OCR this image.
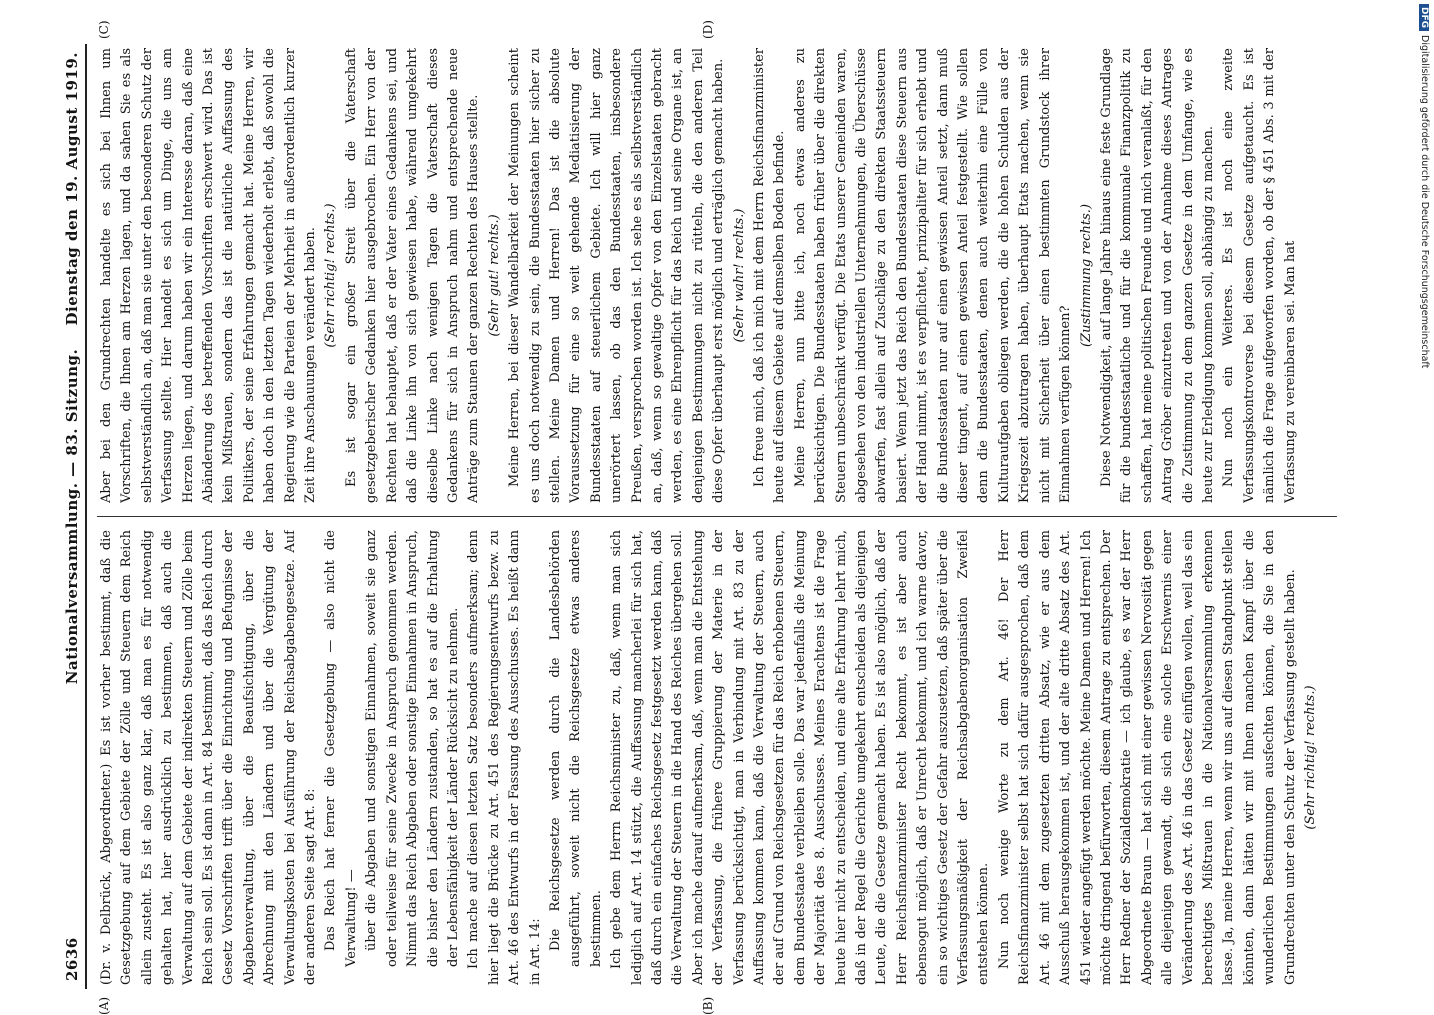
2636
Nationalversammlung. — 83. Sitzung.
Dienstag den 19. August 1919.
(A)	(B)
(C)	(D)

(Dr. v. Delbrück, Abgeordneter.) Es ist vorher bestimmt, daß die Gesetzgebung auf dem Gebiete der Zölle und Steuern dem Reich allein zusteht. Es ist also ganz klar, daß man es für notwendig gehalten hat, hier ausdrücklich zu bestimmen, daß auch die Verwaltung auf dem Gebiete der indirekten Steuern und Zölle beim Reich sein soll. Es ist dann in Art. 84 bestimmt, daß das Reich durch Gesetz Vorschriften trifft über die Einrichtung und Befugnisse der Abgabenverwaltung, über die Beaufsichtigung, über die Abrechnung mit den Ländern und über die Vergütung der Verwaltungskosten bei Ausführung der Reichsabgabengesetze. Auf der anderen Seite sagt Art. 8: Das Reich hat ferner die Gesetzgebung — also nicht die Verwaltung! — über die Abgaben und sonstigen Einnahmen, soweit sie ganz oder teilweise für seine Zwecke in Anspruch genommen werden. Nimmt das Reich Abgaben oder sonstige Einnahmen in Anspruch, die bisher den Ländern zustanden, so hat es auf die Erhaltung der Lebensfähigkeit der Länder Rücksicht zu nehmen. Ich mache auf diesen letzten Satz besonders aufmerksam; denn hier liegt die Brücke zu Art. 451 des Regierungsentwurfs bezw. zu Art. 46 des Entwurfs in der Fassung des Ausschusses. Es heißt dann in Art. 14:

Die Reichsgesetze werden durch die Landesbehörden ausgeführt, soweit nicht die Reichsgesetze etwas anderes bestimmen. Ich gebe dem Herrn Reichsminister zu, daß, wenn man sich lediglich auf Art. 14 stützt, die Auffassung mancherlei für sich hat, daß durch ein einfaches Reichsgesetz festgesetzt werden kann, daß die Verwaltung der Steuern in die Hand des Reiches übergehen soll. Aber ich mache darauf aufmerksam, daß, wenn man die Entstehung der Verfassung, die frühere Gruppierung der Materie in der Verfassung berücksichtigt, man in Verbindung mit Art. 83 zu der Auffassung kommen kann, daß die Verwaltung der Steuern, auch der auf Grund von Reichsgesetzen für das Reich erhobenen Steuern, dem Bundesstaate verbleiben solle. Das war jedenfalls die Meinung der Majorität des 8. Ausschusses. Meines Erachtens ist die Frage heute hier nicht zu entscheiden, und eine alte Erfahrung lehrt mich, daß in der Regel die Gerichte umgekehrt entscheiden als diejenigen Leute, die die Gesetze gemacht haben. Es ist also möglich, daß der Herr Reichsfinanzminister Recht bekommt, es ist aber auch ebensogut möglich, daß er Unrecht bekommt, und ich warne davor, ein so wichtiges Gesetz der Gefahr auszusetzen, daß später über die Verfassungsmäßigkeit der Reichsabgabenorganisation Zweifel entstehen können. Nun noch wenige Worte zu dem Art. 46! Der Herr Reichsfinanzminister selbst hat sich dafür ausgesprochen, daß dem Art. 46 mit dem zugesetzten dritten Absatz, wie er aus dem Ausschuß herausgekommen ist, und der alte dritte Absatz des Art. 451 wieder angefügt werden möchte. Meine Damen und Herren! Ich möchte dringend befürworten, diesem Antrage zu entsprechen. Der Herr Redner der Sozialdemokratie — ich glaube, es war der Herr Abgeordnete Braun — hat sich mit einer gewissen Nervosität gegen alle diejenigen gewandt, die sich eine solche Erschwernis einer Veränderung des Art. 46 in das Gesetz einfügen wollen, weil das ein berechtigtes Mißtrauen in die Nationalversammlung erkennen lasse. Ja, meine Herren, wenn wir uns auf diesen Standpunkt stellen könnten, dann hätten wir mit Ihnen manchen Kampf über die wunderlichen Bestimmungen ausfechten können, die Sie in den Grundrechten unter den Schutz der Verfassung gestellt haben. (Sehr richtig! rechts.)

Aber bei den Grundrechten handelte es sich bei Ihnen um Vorschriften, die Ihnen am Herzen lagen, und da sahen Sie es als selbstverständlich an, daß man sie unter den besonderen Schutz der Verfassung stellte. Hier handelt es sich um Dinge, die uns am Herzen liegen, und darum haben wir ein Interesse daran, daß eine Abänderung des betreffenden Vorschriften erschwert wird. Das ist kein Mißtrauen, sondern das ist die natürliche Auffassung des Politikers, der seine Erfahrungen gemacht hat. Meine Herren, wir haben doch in den letzten Tagen wiederholt erlebt, daß sowohl die Regierung wie die Parteien der Mehrheit in außerordentlich kurzer Zeit ihre Anschauungen verändert haben. (Sehr richtig! rechts.) Es ist sogar ein großer Streit über die Vaterschaft gesetzgeberischer Gedanken hier ausgebrochen. Ein Herr von der Rechten hat behauptet, daß er der Vater eines Gedankens sei, und daß die Linke ihn von sich gewiesen habe, während umgekehrt dieselbe Linke nach wenigen Tagen die Vaterschaft dieses Gedankens für sich in Anspruch nahm und entsprechende neue Anträge zum Staunen der ganzen Rechten des Hauses stellte. (Sehr gut! rechts.) Meine Herren, bei dieser Wandelbarkeit der Meinungen scheint es uns doch notwendig zu sein, die Bundesstaaten hier sicher zu stellen. Meine Damen und Herren! Das ist die absolute Voraussetzung für eine so weit gehende Mediatisierung der Bundesstaaten auf steuerlichem Gebiete. Ich will hier ganz unerörtert lassen, ob das den Bundesstaaten, insbesondere Preußen, versprochen worden ist. Ich sehe es als selbstverständlich an, daß, wenn so gewaltige Opfer von den Einzelstaaten gebracht werden, es eine Ehrenpflicht für das Reich und seine Organe ist, an denjenigen Bestimmungen nicht zu rütteln, die den anderen Teil diese Opfer überhaupt erst möglich und erträglich gemacht haben. (Sehr wahr! rechts.) Ich freue mich, daß ich mich mit dem Herrn Reichsfinanzminister heute auf diesem Gebiete auf demselben Boden befinde. Meine Herren, nun bitte ich, noch etwas anderes zu berücksichtigen. Die Bundesstaaten haben früher über die direkten Steuern unbeschränkt verfügt. Die Etats unserer Gemeinden waren, abgesehen von den industriellen Unternehmungen, die Überschüsse abwarfen, fast allein auf Zuschläge zu den direkten Staatssteuern basiert. Wenn jetzt das Reich den Bundesstaaten diese Steuern aus der Hand nimmt, ist es verpflichtet, prinzipaliter für sich erhebt und die Bundesstaaten nur auf einen gewissen Anteil setzt, dann muß dieser tingent, auf einen gewissen Anteil festgestellt. Wie sollen denn die Bundesstaaten, denen auch weiterhin eine Fülle von Kulturaufgaben obliegen werden, die die hohen Schulden aus der Kriegszeit abzutragen haben, überhaupt Etats machen, wenn sie nicht mit Sicherheit über einen bestimmten Grundstock ihrer Einnahmen verfügen können?

(Zustimmung rechts.) Diese Notwendigkeit, auf lange Jahre hinaus eine feste Grundlage für die bundesstaatliche und für die kommunale Finanzpolitik zu schaffen, hat meine politischen Freunde und mich veranlaßt, für den Antrag Gröber einzutreten und von der Annahme dieses Antrages die Zustimmung zu dem ganzen Gesetze in dem Umfange, wie es heute zur Erledigung kommen soll, abhängig zu machen. Nun noch ein Weiteres. Es ist noch eine zweite Verfassungskontroverse bei diesem Gesetze aufgetaucht. Es ist nämlich die Frage aufgeworfen worden, ob der § 451 Abs. 3 mit der Verfassung zu vereinbaren sei. Man hat

DFGDigitalisierung gefördert durch die Deutsche Forschungsgemeinschaft
